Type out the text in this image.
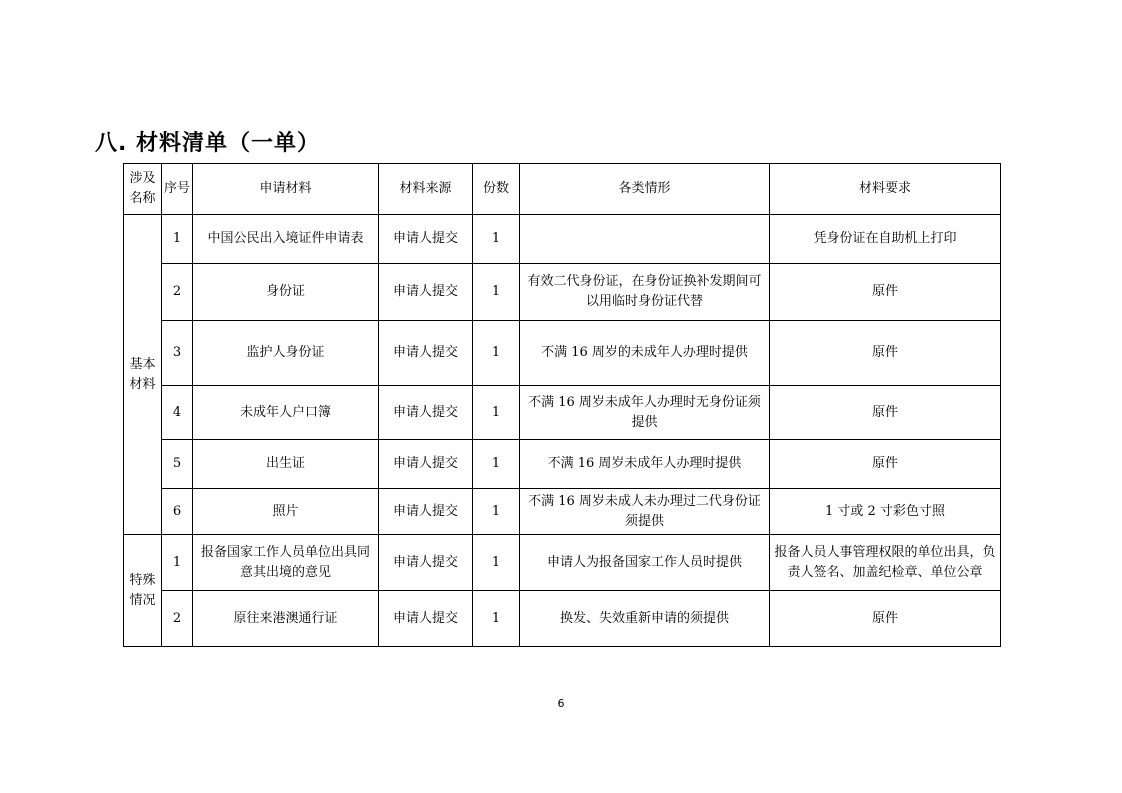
八. 材料清单（一单）
涉及名称	序号	申请材料	材料来源	份数	各类情形	材料要求
基本材料	1	中国公民出入境证件申请表	申请人提交	1		凭身份证在自助机上打印
	2	身份证	申请人提交	1	有效二代身份证，在身份证换补发期间可以用临时身份证代替	原件
	3	监护人身份证	申请人提交	1	不满 16 周岁的未成年人办理时提供	原件
	4	未成年人户口簿	申请人提交	1	不满 16 周岁未成年人办理时无身份证须提供	原件
	5	出生证	申请人提交	1	不满 16 周岁未成年人办理时提供	原件
	6	照片	申请人提交	1	不满 16 周岁未成人未办理过二代身份证须提供	1 寸或 2 寸彩色寸照
特殊情况	1	报备国家工作人员单位出具同意其出境的意见	申请人提交	1	申请人为报备国家工作人员时提供	报备人员人事管理权限的单位出具，负责人签名、加盖纪检章、单位公章
	2	原往来港澳通行证	申请人提交	1	换发、失效重新申请的须提供	原件
6
